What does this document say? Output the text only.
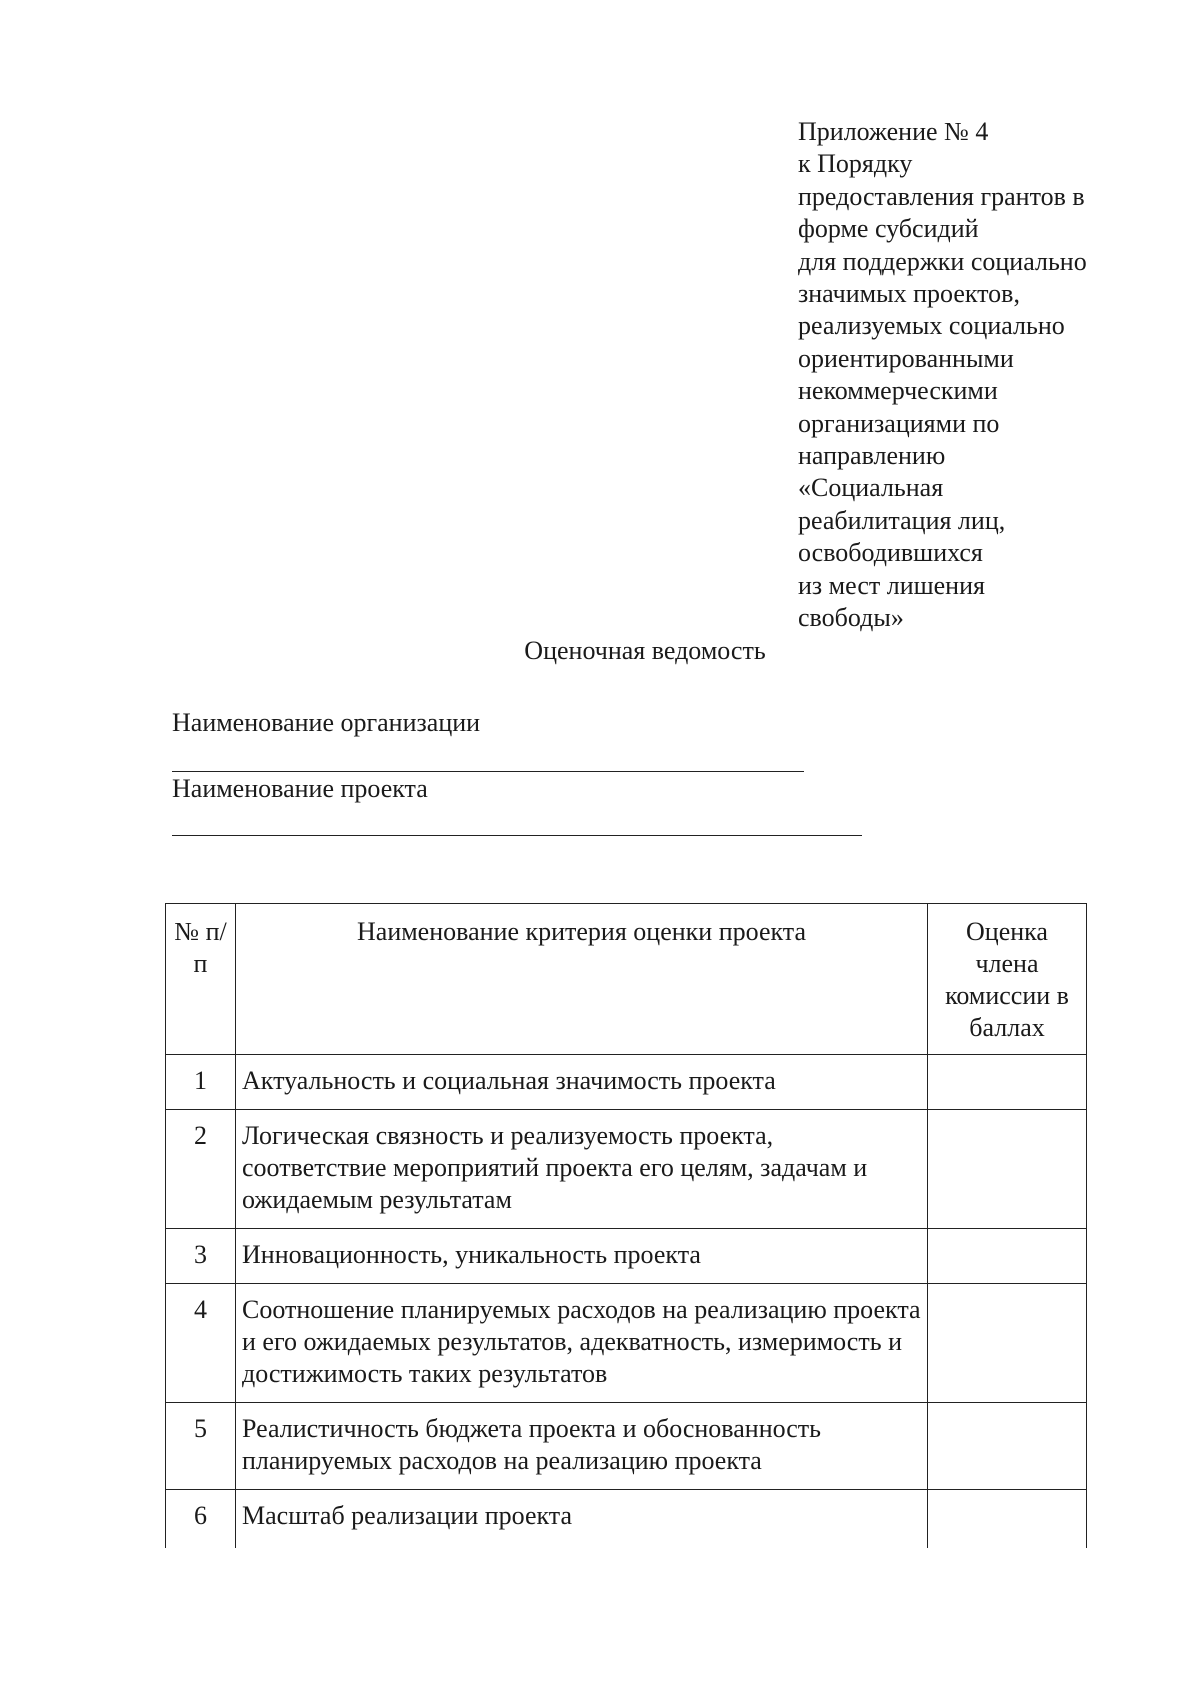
Приложение № 4
к Порядку
предоставления грантов в
форме субсидий
для поддержки социально
значимых проектов,
реализуемых социально
ориентированными
некоммерческими
организациями по
направлению
«Социальная
реабилитация лиц,
освободившихся
из мест лишения
свободы»
Оценочная ведомость
Наименование организации
Наименование проекта
№ п/п	Наименование критерия оценки проекта	Оценка члена комиссии в баллах
1	Актуальность и социальная значимость проекта	
2	Логическая связность и реализуемость проекта, соответствие мероприятий проекта его целям, задачам и ожидаемым результатам	
3	Инновационность, уникальность проекта	
4	Соотношение планируемых расходов на реализацию проекта и его ожидаемых результатов, адекватность, измеримость и достижимость таких результатов	
5	Реалистичность бюджета проекта и обоснованность планируемых расходов на реализацию проекта	
6	Масштаб реализации проекта	
